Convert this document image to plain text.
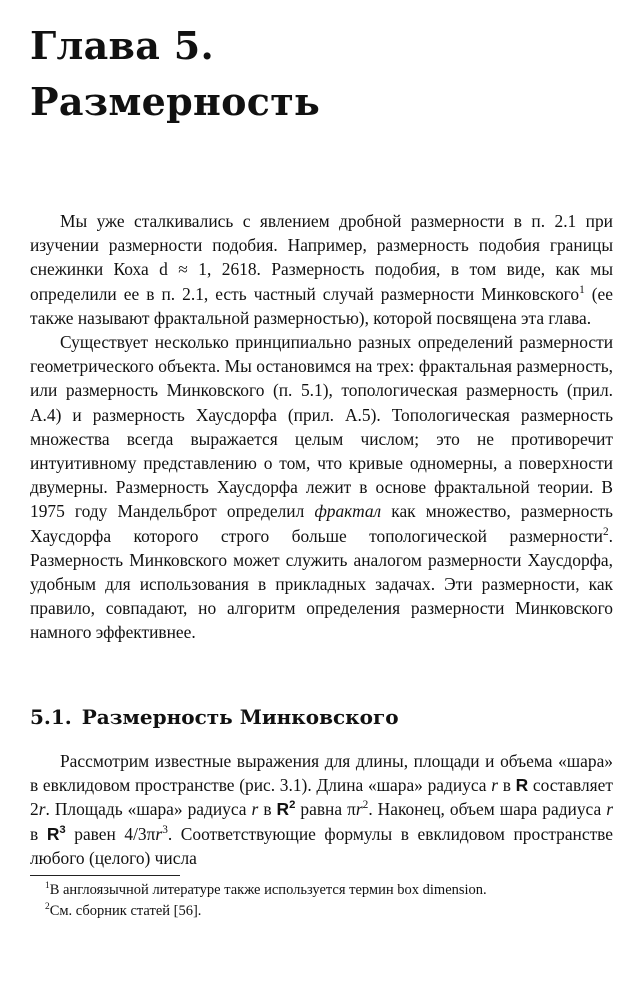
Глава 5.
Размерность

Мы уже сталкивались с явлением дробной размерности в п. 2.1 при изучении размерности подобия. Например, размерность подобия границы снежинки Коха d ≈ 1, 2618. Размерность подобия, в том виде, как мы определили ее в п. 2.1, есть частный случай размерности Минковского$^1$ (ее также называют фрактальной размерностью), которой посвящена эта глава.

Существует несколько принципиально разных определений размерности геометрического объекта. Мы остановимся на трех: фрактальная размерность, или размерность Минковского (п. 5.1), топологическая размерность (прил. А.4) и размерность Хаусдорфа (прил. А.5). Топологическая размерность множества всегда выражается целым числом; это не противоречит интуитивному представлению о том, что кривые одномерны, а поверхности двумерны. Размерность Хаусдорфа лежит в основе фрактальной теории. В 1975 году Мандельброт определил фрактал как множество, размерность Хаусдорфа которого строго больше топологической размерности$^2$. Размерность Минковского может служить аналогом размерности Хаусдорфа, удобным для использования в прикладных задачах. Эти размерности, как правило, совпадают, но алгоритм определения размерности Минковского намного эффективнее.

5.1. Размерность Минковского

Рассмотрим известные выражения для длины, площади и объема «шара» в евклидовом пространстве (рис. 3.1). Длина «шара» радиуса r в R составляет 2r. Площадь «шара» радиуса r в $R^2$ равна $\pi r^2$. Наконец, объем шара радиуса r в $R^3$ равен $4/3\pi r^3$. Соответствующие формулы в евклидовом пространстве любого (целого) числа

$^1$В англоязычной литературе также используется термин box dimension.
$^2$См. сборник статей [56].
